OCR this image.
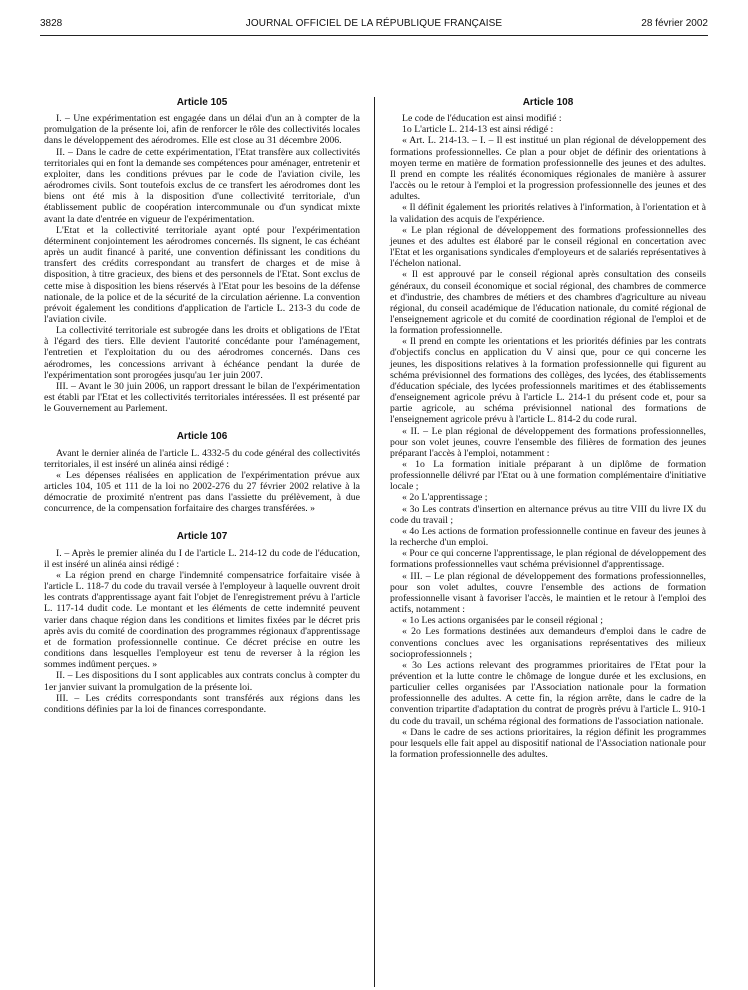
3828	JOURNAL OFFICIEL DE LA RÉPUBLIQUE FRANÇAISE	28 février 2002
Article 105

I. – Une expérimentation est engagée dans un délai d'un an à compter de la promulgation de la présente loi, afin de renforcer le rôle des collectivités locales dans le développement des aérodromes. Elle est close au 31 décembre 2006.

II. – Dans le cadre de cette expérimentation, l'Etat transfère aux collectivités territoriales qui en font la demande ses compétences pour aménager, entretenir et exploiter, dans les conditions prévues par le code de l'aviation civile, les aérodromes civils. Sont toutefois exclus de ce transfert les aérodromes dont les biens ont été mis à la disposition d'une collectivité territoriale, d'un établissement public de coopération intercommunale ou d'un syndicat mixte avant la date d'entrée en vigueur de l'expérimentation.

L'Etat et la collectivité territoriale ayant opté pour l'expérimentation déterminent conjointement les aérodromes concernés. Ils signent, le cas échéant après un audit financé à parité, une convention définissant les conditions du transfert des crédits correspondant au transfert de charges et de mise à disposition, à titre gracieux, des biens et des personnels de l'Etat. Sont exclus de cette mise à disposition les biens réservés à l'Etat pour les besoins de la défense nationale, de la police et de la sécurité de la circulation aérienne. La convention prévoit également les conditions d'application de l'article L. 213-3 du code de l'aviation civile.

La collectivité territoriale est subrogée dans les droits et obligations de l'Etat à l'égard des tiers. Elle devient l'autorité concédante pour l'aménagement, l'entretien et l'exploitation du ou des aérodromes concernés. Dans ces aérodromes, les concessions arrivant à échéance pendant la durée de l'expérimentation sont prorogées jusqu'au 1er juin 2007.

III. – Avant le 30 juin 2006, un rapport dressant le bilan de l'expérimentation est établi par l'Etat et les collectivités territoriales intéressées. Il est présenté par le Gouvernement au Parlement.

Article 106

Avant le dernier alinéa de l'article L. 4332-5 du code général des collectivités territoriales, il est inséré un alinéa ainsi rédigé :

« Les dépenses réalisées en application de l'expérimentation prévue aux articles 104, 105 et 111 de la loi no 2002-276 du 27 février 2002 relative à la démocratie de proximité n'entrent pas dans l'assiette du prélèvement, à due concurrence, de la compensation forfaitaire des charges transférées. »

Article 107

I. – Après le premier alinéa du I de l'article L. 214-12 du code de l'éducation, il est inséré un alinéa ainsi rédigé :

« La région prend en charge l'indemnité compensatrice forfaitaire visée à l'article L. 118-7 du code du travail versée à l'employeur à laquelle ouvrent droit les contrats d'apprentissage ayant fait l'objet de l'enregistrement prévu à l'article L. 117-14 dudit code. Le montant et les éléments de cette indemnité peuvent varier dans chaque région dans les conditions et limites fixées par le décret pris après avis du comité de coordination des programmes régionaux d'apprentissage et de formation professionnelle continue. Ce décret précise en outre les conditions dans lesquelles l'employeur est tenu de reverser à la région les sommes indûment perçues. »

II. – Les dispositions du I sont applicables aux contrats conclus à compter du 1er janvier suivant la promulgation de la présente loi.

III. – Les crédits correspondants sont transférés aux régions dans les conditions définies par la loi de finances correspondante.

Article 108

Le code de l'éducation est ainsi modifié :

1o L'article L. 214-13 est ainsi rédigé :

« Art. L. 214-13. – I. – Il est institué un plan régional de développement des formations professionnelles. Ce plan a pour objet de définir des orientations à moyen terme en matière de formation professionnelle des jeunes et des adultes. Il prend en compte les réalités économiques régionales de manière à assurer l'accès ou le retour à l'emploi et la progression professionnelle des jeunes et des adultes.

« Il définit également les priorités relatives à l'information, à l'orientation et à la validation des acquis de l'expérience.

« Le plan régional de développement des formations professionnelles des jeunes et des adultes est élaboré par le conseil régional en concertation avec l'Etat et les organisations syndicales d'employeurs et de salariés représentatives à l'échelon national.

« Il est approuvé par le conseil régional après consultation des conseils généraux, du conseil économique et social régional, des chambres de commerce et d'industrie, des chambres de métiers et des chambres d'agriculture au niveau régional, du conseil académique de l'éducation nationale, du comité régional de l'enseignement agricole et du comité de coordination régional de l'emploi et de la formation professionnelle.

« Il prend en compte les orientations et les priorités définies par les contrats d'objectifs conclus en application du V ainsi que, pour ce qui concerne les jeunes, les dispositions relatives à la formation professionnelle qui figurent au schéma prévisionnel des formations des collèges, des lycées, des établissements d'éducation spéciale, des lycées professionnels maritimes et des établissements d'enseignement agricole prévu à l'article L. 214-1 du présent code et, pour sa partie agricole, au schéma prévisionnel national des formations de l'enseignement agricole prévu à l'article L. 814-2 du code rural.

« II. – Le plan régional de développement des formations professionnelles, pour son volet jeunes, couvre l'ensemble des filières de formation des jeunes préparant l'accès à l'emploi, notamment :

« 1o La formation initiale préparant à un diplôme de formation professionnelle délivré par l'Etat ou à une formation complémentaire d'initiative locale ;

« 2o L'apprentissage ;

« 3o Les contrats d'insertion en alternance prévus au titre VIII du livre IX du code du travail ;

« 4o Les actions de formation professionnelle continue en faveur des jeunes à la recherche d'un emploi.

« Pour ce qui concerne l'apprentissage, le plan régional de développement des formations professionnelles vaut schéma prévisionnel d'apprentissage.

« III. – Le plan régional de développement des formations professionnelles, pour son volet adultes, couvre l'ensemble des actions de formation professionnelle visant à favoriser l'accès, le maintien et le retour à l'emploi des actifs, notamment :

« 1o Les actions organisées par le conseil régional ;

« 2o Les formations destinées aux demandeurs d'emploi dans le cadre de conventions conclues avec les organisations représentatives des milieux socioprofessionnels ;

« 3o Les actions relevant des programmes prioritaires de l'Etat pour la prévention et la lutte contre le chômage de longue durée et les exclusions, en particulier celles organisées par l'Association nationale pour la formation professionnelle des adultes. A cette fin, la région arrête, dans le cadre de la convention tripartite d'adaptation du contrat de progrès prévu à l'article L. 910-1 du code du travail, un schéma régional des formations de l'association nationale.

« Dans le cadre de ses actions prioritaires, la région définit les programmes pour lesquels elle fait appel au dispositif national de l'Association nationale pour la formation professionnelle des adultes.
